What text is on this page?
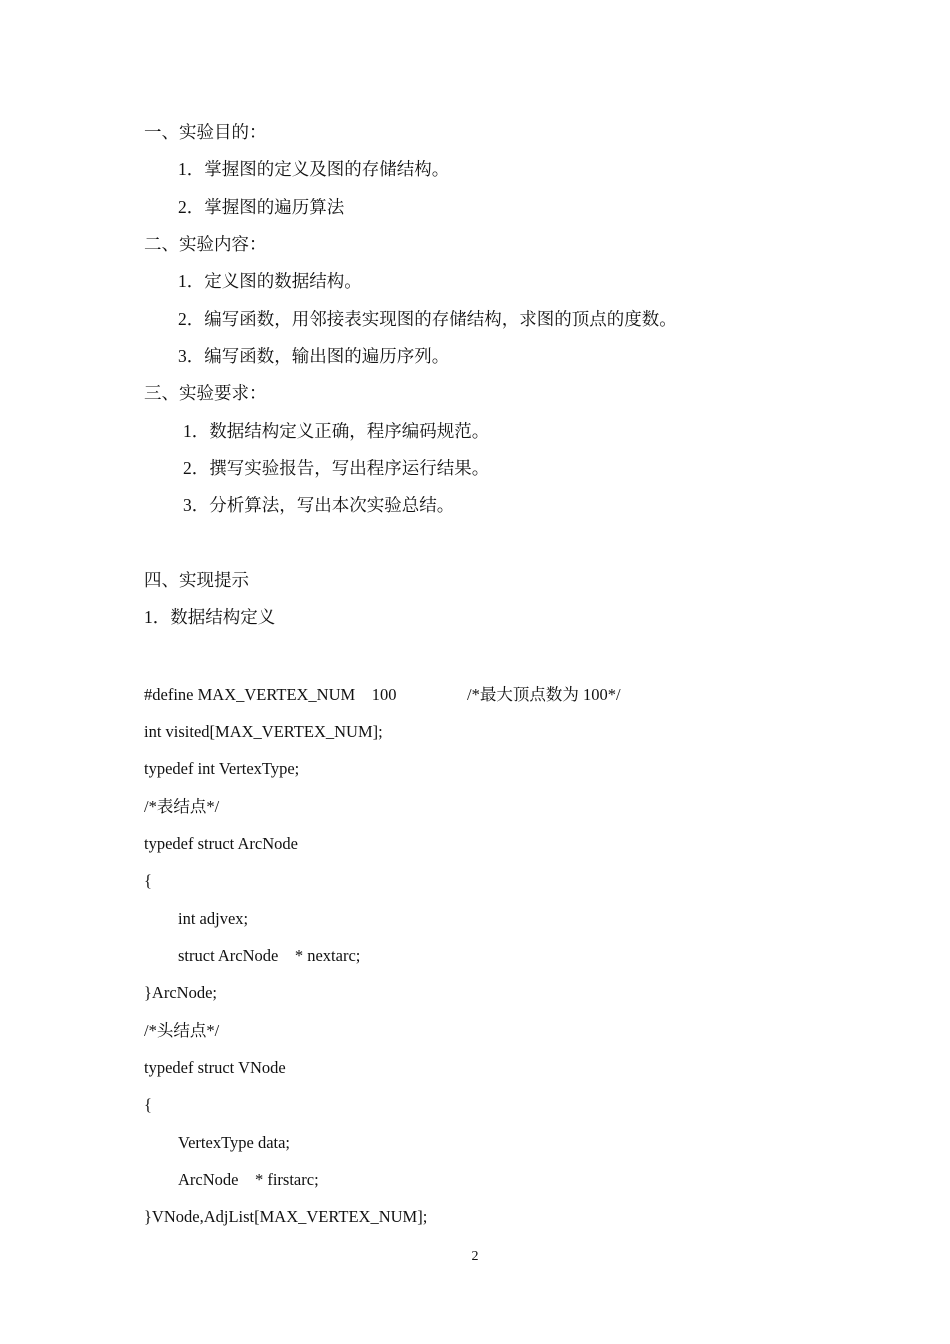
一、实验目的：
1．掌握图的定义及图的存储结构。
2．掌握图的遍历算法
二、实验内容：
1．定义图的数据结构。
2．编写函数，用邻接表实现图的存储结构，求图的顶点的度数。
3．编写函数，输出图的遍历序列。
三、实验要求：
1．数据结构定义正确，程序编码规范。
2．撰写实验报告，写出程序运行结果。
3．分析算法，写出本次实验总结。
四、实现提示
1．数据结构定义
#define MAX_VERTEX_NUM    100	/*最大顶点数为 100*/
int visited[MAX_VERTEX_NUM];
typedef int VertexType;
/*表结点*/
typedef struct ArcNode
{
int adjvex;
struct ArcNode    * nextarc;
}ArcNode;
/*头结点*/
typedef struct VNode
{
VertexType data;
ArcNode    * firstarc;
}VNode,AdjList[MAX_VERTEX_NUM];
2
